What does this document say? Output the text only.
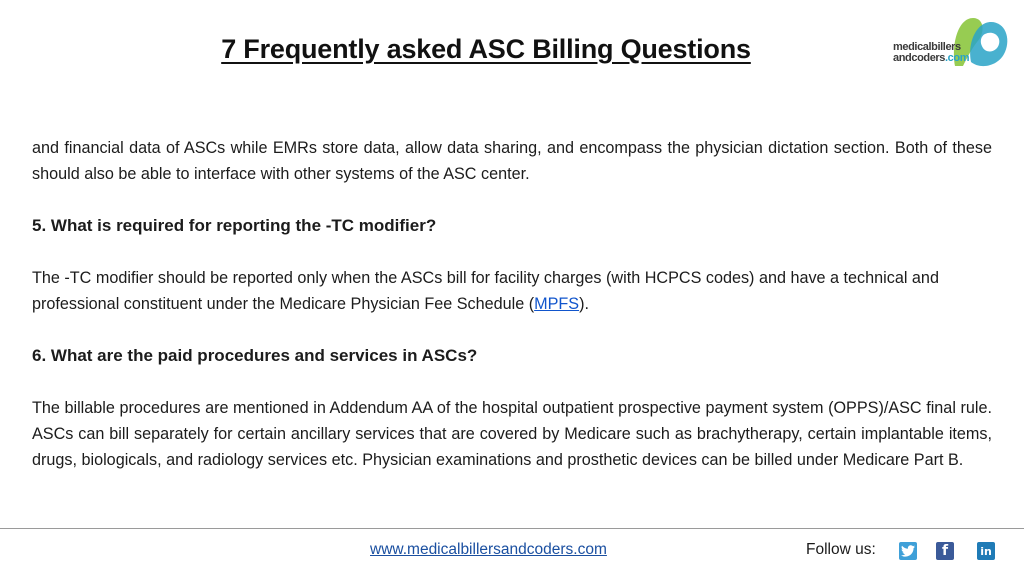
7 Frequently asked ASC Billing Questions	medicalbillers
andcoders.com

and financial data of ASCs while EMRs store data, allow data sharing, and encompass the physician dictation section. Both of these should also be able to interface with other systems of the ASC center.

5. What is required for reporting the -TC modifier?

The -TC modifier should be reported only when the ASCs bill for facility charges (with HCPCS codes) and have a technical and professional constituent under the Medicare Physician Fee Schedule (MPFS).

6. What are the paid procedures and services in ASCs?

The billable procedures are mentioned in Addendum AA of the hospital outpatient prospective payment system (OPPS)/ASC final rule. ASCs can bill separately for certain ancillary services that are covered by Medicare such as brachytherapy, certain implantable items, drugs, biologicals, and radiology services etc. Physician examinations and prosthetic devices can be billed under Medicare Part B.

www.medicalbillersandcoders.com	Follow us:	f	in
